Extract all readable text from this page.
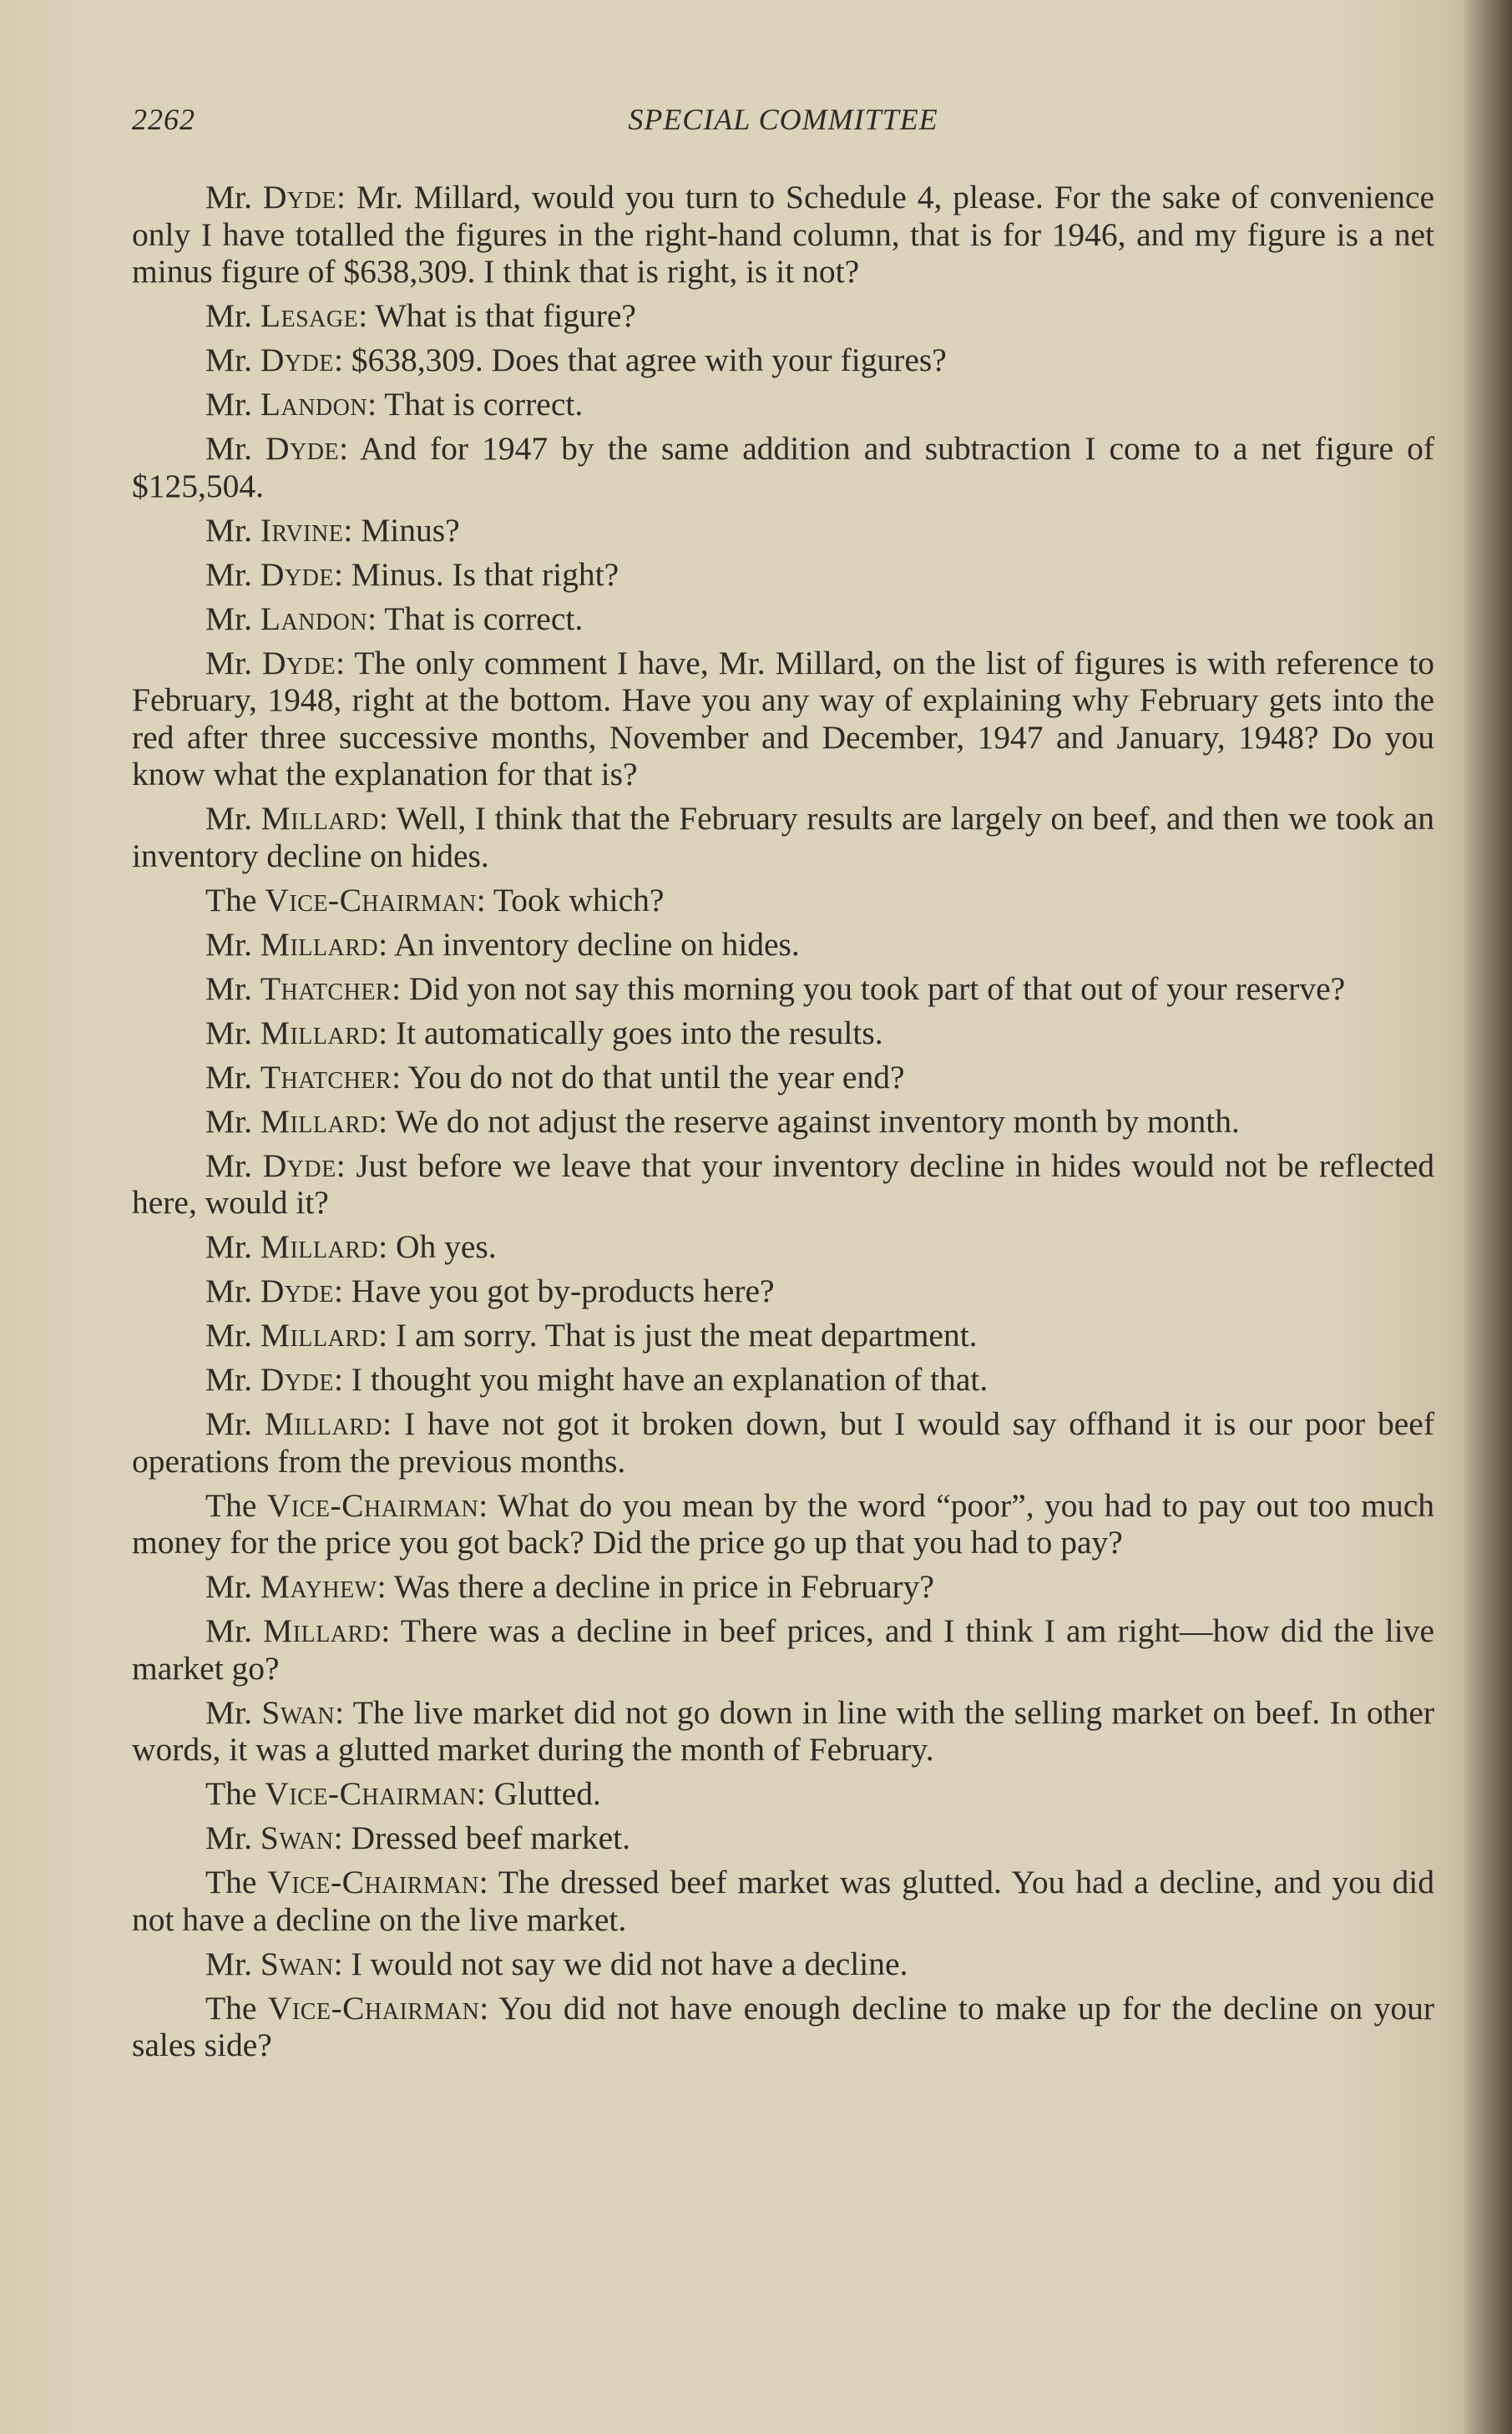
2262	SPECIAL COMMITTEE

Mr. Dyde: Mr. Millard, would you turn to Schedule 4, please. For the sake of convenience only I have totalled the figures in the right-hand column, that is for 1946, and my figure is a net minus figure of $638,309. I think that is right, is it not?

Mr. Lesage: What is that figure?

Mr. Dyde: $638,309. Does that agree with your figures?

Mr. Landon: That is correct.

Mr. Dyde: And for 1947 by the same addition and subtraction I come to a net figure of $125,504.

Mr. Irvine: Minus?

Mr. Dyde: Minus. Is that right?

Mr. Landon: That is correct.

Mr. Dyde: The only comment I have, Mr. Millard, on the list of figures is with reference to February, 1948, right at the bottom. Have you any way of explaining why February gets into the red after three successive months, November and December, 1947 and January, 1948? Do you know what the explanation for that is?

Mr. Millard: Well, I think that the February results are largely on beef, and then we took an inventory decline on hides.

The Vice-Chairman: Took which?

Mr. Millard: An inventory decline on hides.

Mr. Thatcher: Did yon not say this morning you took part of that out of your reserve?

Mr. Millard: It automatically goes into the results.

Mr. Thatcher: You do not do that until the year end?

Mr. Millard: We do not adjust the reserve against inventory month by month.

Mr. Dyde: Just before we leave that your inventory decline in hides would not be reflected here, would it?

Mr. Millard: Oh yes.

Mr. Dyde: Have you got by-products here?

Mr. Millard: I am sorry. That is just the meat department.

Mr. Dyde: I thought you might have an explanation of that.

Mr. Millard: I have not got it broken down, but I would say offhand it is our poor beef operations from the previous months.

The Vice-Chairman: What do you mean by the word “poor”, you had to pay out too much money for the price you got back? Did the price go up that you had to pay?

Mr. Mayhew: Was there a decline in price in February?

Mr. Millard: There was a decline in beef prices, and I think I am right—how did the live market go?

Mr. Swan: The live market did not go down in line with the selling market on beef. In other words, it was a glutted market during the month of February.

The Vice-Chairman: Glutted.

Mr. Swan: Dressed beef market.

The Vice-Chairman: The dressed beef market was glutted. You had a decline, and you did not have a decline on the live market.

Mr. Swan: I would not say we did not have a decline.

The Vice-Chairman: You did not have enough decline to make up for the decline on your sales side?
